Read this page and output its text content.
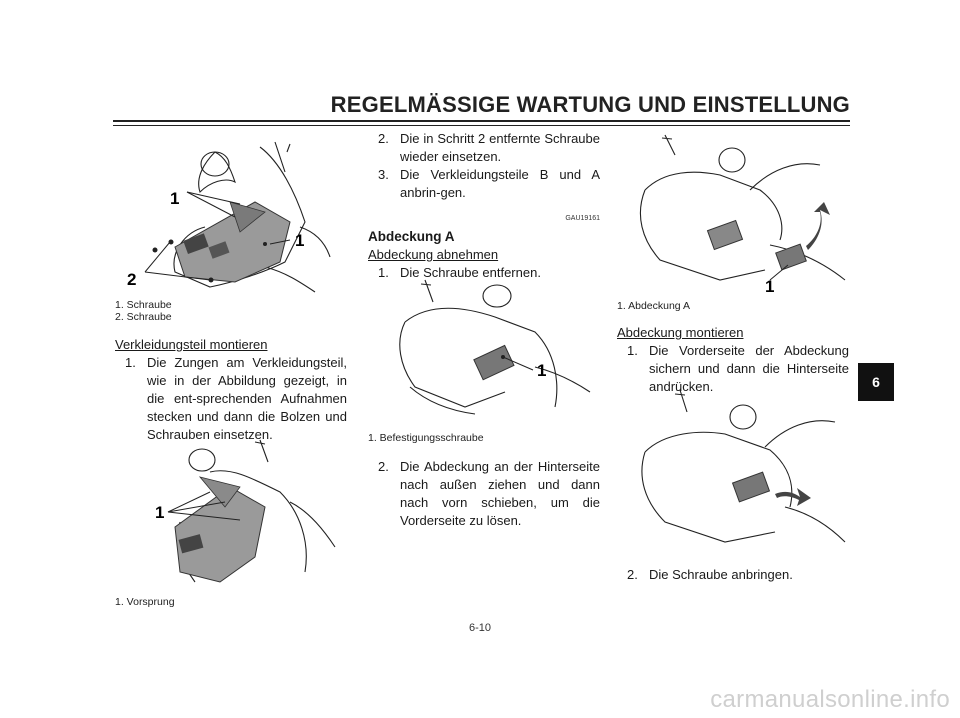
REGELMÄSSIGE WARTUNG UND EINSTELLUNG
1
1
2
1. Schraube
2. Schraube
Verkleidungsteil montieren
1. Die Zungen am Verkleidungsteil, wie in der Abbildung gezeigt, in die ent-sprechenden Aufnahmen stecken und dann die Bolzen und Schrauben einsetzen.
1
1. Vorsprung
2. Die in Schritt 2 entfernte Schraube wieder einsetzen.
3. Die Verkleidungsteile B und A anbrin-gen.
GAU19161
Abdeckung A
Abdeckung abnehmen
1. Die Schraube entfernen.
1
1. Befestigungsschraube
2. Die Abdeckung an der Hinterseite nach außen ziehen und dann nach vorn schieben, um die Vorderseite zu lösen.
1
1. Abdeckung A
Abdeckung montieren
1. Die Vorderseite der Abdeckung sichern und dann die Hinterseite andrücken.
2. Die Schraube anbringen.
6
6-10
carmanualsonline.info
